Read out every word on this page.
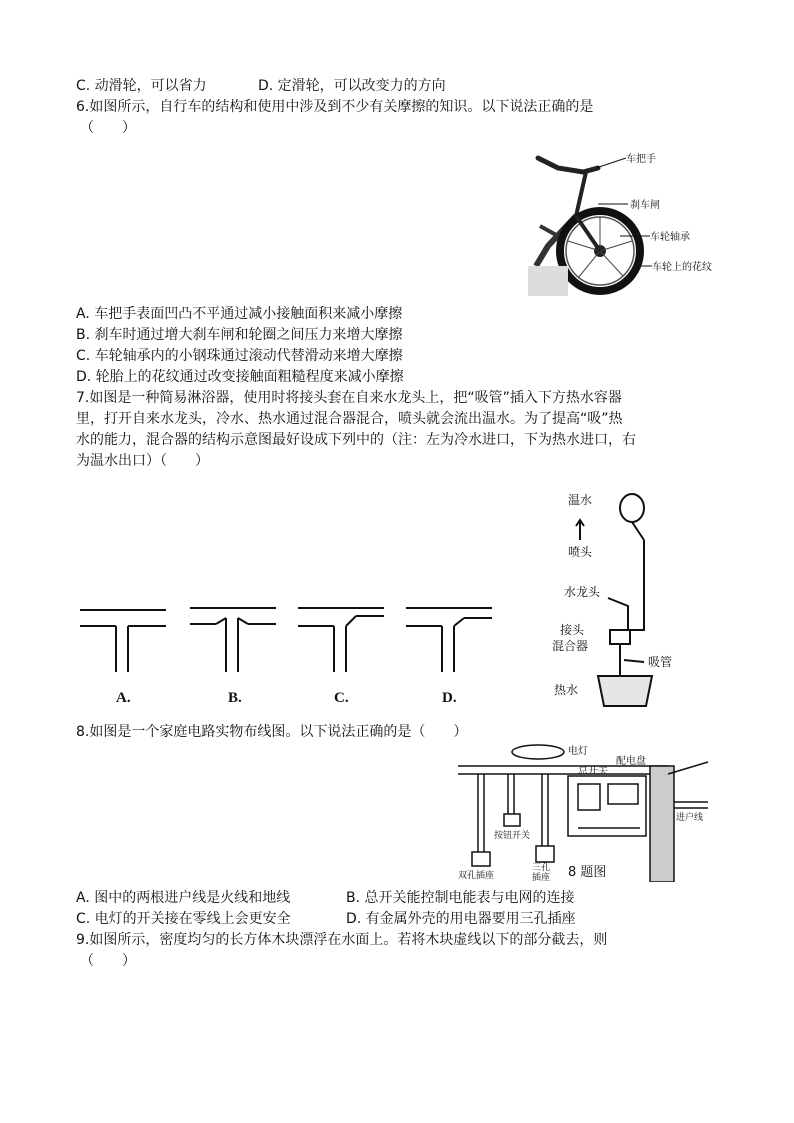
C. 动滑轮，可以省力	D. 定滑轮，可以改变力的方向
6.如图所示，自行车的结构和使用中涉及到不少有关摩擦的知识。以下说法正确的是
（　　）
车把手
刹车闸
车轮轴承
车轮上的花纹
A. 车把手表面凹凸不平通过减小接触面积来减小摩擦
B. 刹车时通过增大刹车闸和轮圈之间压力来增大摩擦
C. 车轮轴承内的小钢珠通过滚动代替滑动来增大摩擦
D. 轮胎上的花纹通过改变接触面粗糙程度来减小摩擦
7.如图是一种简易淋浴器，使用时将接头套在自来水龙头上，把“吸管”插入下方热水容器
里，打开自来水龙头，冷水、热水通过混合器混合，喷头就会流出温水。为了提高“吸”热
水的能力，混合器的结构示意图最好设成下列中的（注：左为冷水进口，下为热水进口，右
为温水出口）（　　）
A.	B.	C.	D.
温水
喷头
水龙头
接头
混合器
吸管
热水
8.如图是一个家庭电路实物布线图。以下说法正确的是（　　）
电灯
配电盘
总开关
按钮开关
进户线
双孔插座
三孔
插座 8 题图
A. 图中的两根进户线是火线和地线	B. 总开关能控制电能表与电网的连接
C. 电灯的开关接在零线上会更安全	D. 有金属外壳的用电器要用三孔插座
9.如图所示，密度均匀的长方体木块漂浮在水面上。若将木块虚线以下的部分截去，则
（　　）
